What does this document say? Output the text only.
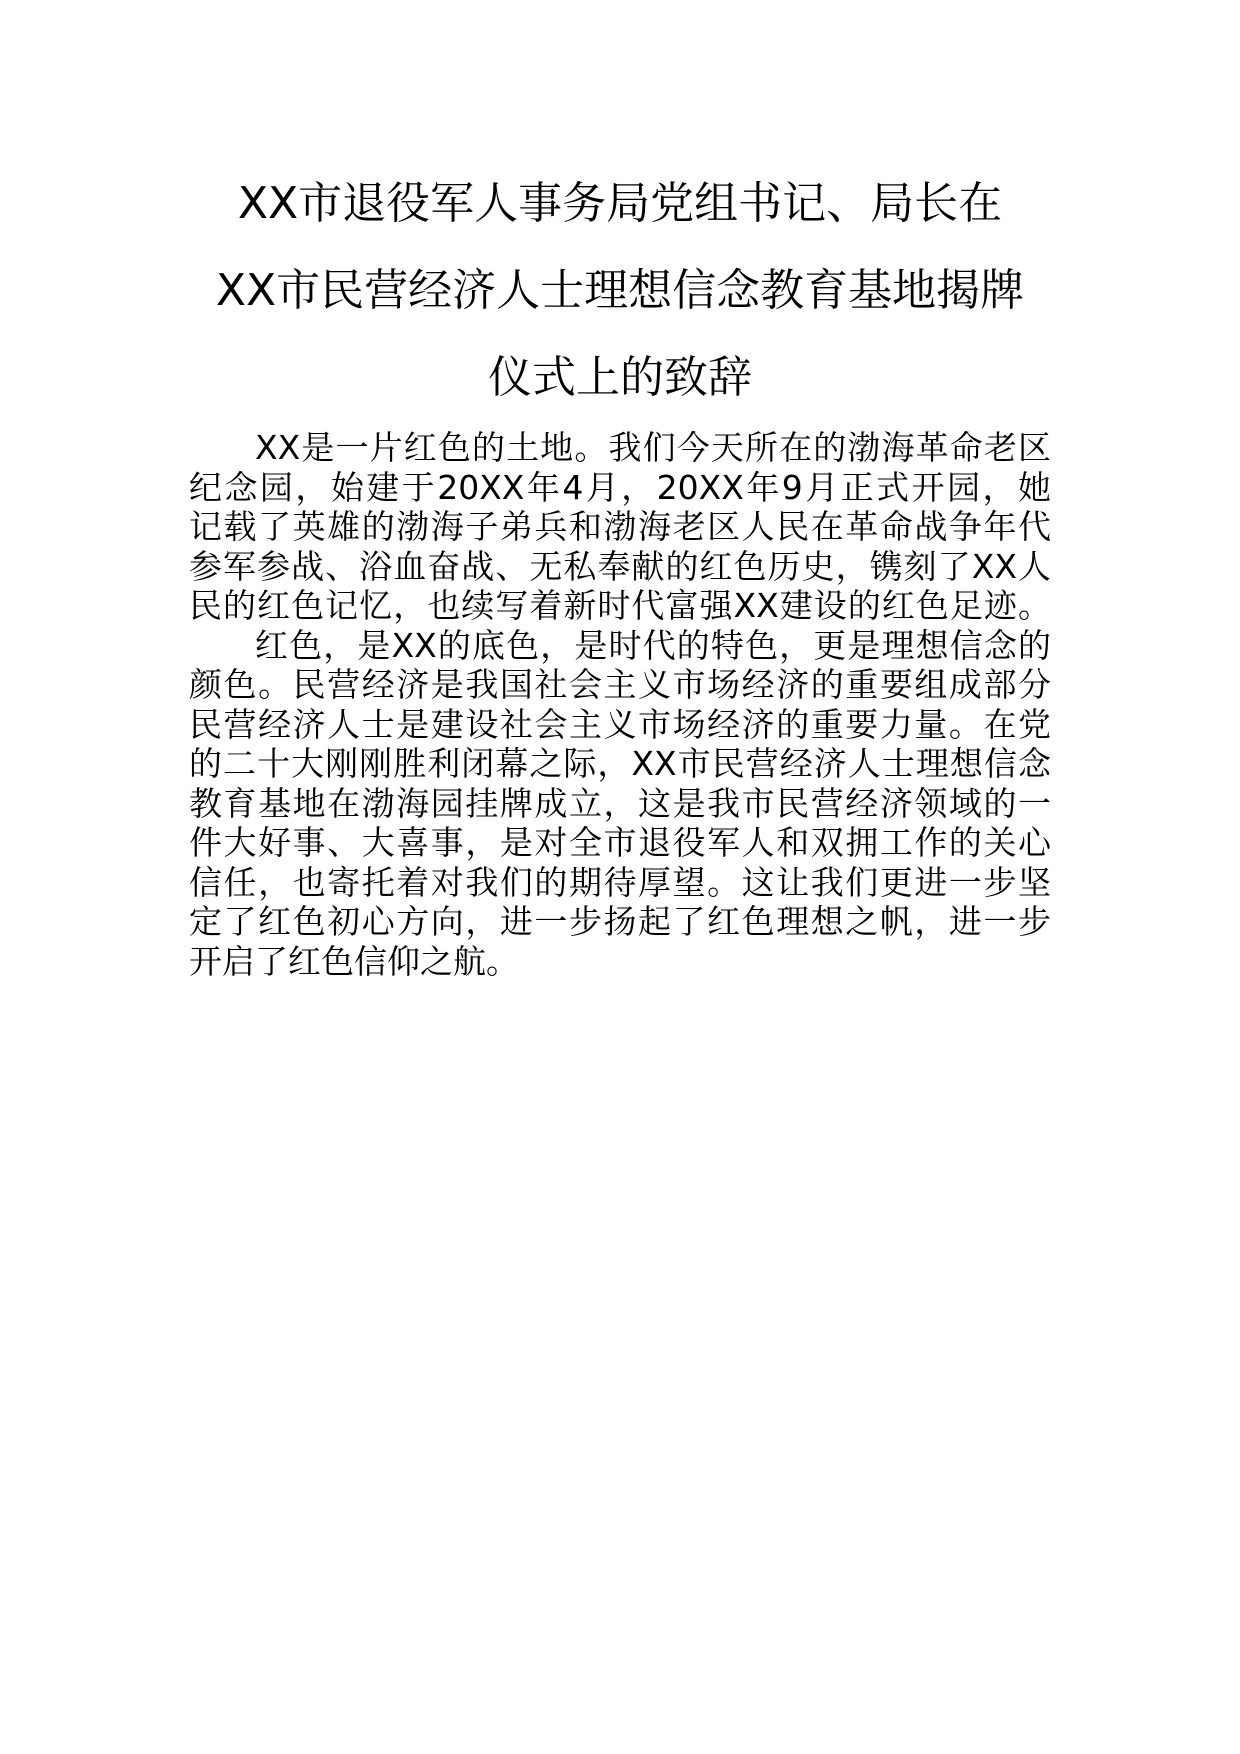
XX市退役军人事务局党组书记、局长在
XX市民营经济人士理想信念教育基地揭牌
仪式上的致辞

XX是一片红色的土地。我们今天所在的渤海革命老区
纪念园，始建于20XX年4月，20XX年9月正式开园，她
记载了英雄的渤海子弟兵和渤海老区人民在革命战争年代
参军参战、浴血奋战、无私奉献的红色历史，镌刻了XX人
民的红色记忆，也续写着新时代富强XX建设的红色足迹。

红色，是XX的底色，是时代的特色，更是理想信念的
颜色。民营经济是我国社会主义市场经济的重要组成部分
民营经济人士是建设社会主义市场经济的重要力量。在党
的二十大刚刚胜利闭幕之际，XX市民营经济人士理想信念
教育基地在渤海园挂牌成立，这是我市民营经济领域的一
件大好事、大喜事，是对全市退役军人和双拥工作的关心
信任，也寄托着对我们的期待厚望。这让我们更进一步坚
定了红色初心方向，进一步扬起了红色理想之帆，进一步
开启了红色信仰之航。
